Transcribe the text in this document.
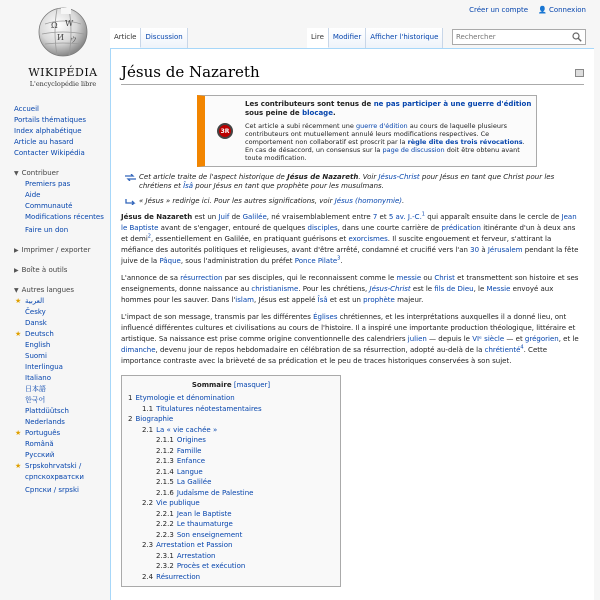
Créer un compte 👤 Connexion
Ω W
И ウ
WIKIPÉDIA
L'encyclopédie libre
Article	Discussion	Lire	Modifier	Afficher l'historique
Rechercher
Accueil
Portails thématiques
Index alphabétique
Article au hasard
Contacter Wikipédia
▼ Contribuer
Premiers pas
Aide
Communauté
Modifications récentes
Faire un don
▶ Imprimer / exporter
▶ Boîte à outils
▼ Autres langues
★ العربية
Česky
Dansk
★ Deutsch
English
Suomi
Interlingua
Italiano
日本語
한국어
Plattdüütsch
Nederlands
★ Português
Română
Русский
★ Srpskohrvatski / српскохрватски
Српски / srpski
Jésus de Nazareth
3R
Les contributeurs sont tenus de ne pas participer à une guerre d'édition sous peine de blocage.
Cet article a subi récemment une guerre d'édition au cours de laquelle plusieurs contributeurs ont mutuellement annulé leurs modifications respectives. Ce comportement non collaboratif est proscrit par la règle dite des trois révocations. En cas de désaccord, un consensus sur la page de discussion doit être obtenu avant toute modification.
Cet article traite de l'aspect historique de Jésus de Nazareth. Voir Jésus-Christ pour Jésus en tant que Christ pour les chrétiens et Îsâ pour Jésus en tant que prophète pour les musulmans.
« Jésus » redirige ici. Pour les autres significations, voir Jésus (homonymie).

Jésus de Nazareth est un Juif de Galilée, né vraisemblablement entre 7 et 5 av. J.-C.$^1$ qui apparaît ensuite dans le cercle de Jean le Baptiste avant de s'engager, entouré de quelques disciples, dans une courte carrière de prédication itinérante d'un à deux ans et demi$^2$, essentiellement en Galilée, en pratiquant guérisons et exorcismes. Il suscite engouement et ferveur, s'attirant la méfiance des autorités politiques et religieuses, avant d'être arrêté, condamné et crucifié vers l'an 30 à Jérusalem pendant la fête juive de la Pâque, sous l'administration du préfet Ponce Pilate$^3$.

L'annonce de sa résurrection par ses disciples, qui le reconnaissent comme le messie ou Christ et transmettent son histoire et ses enseignements, donne naissance au christianisme. Pour les chrétiens, Jésus-Christ est le fils de Dieu, le Messie envoyé aux hommes pour les sauver. Dans l'islam, Jésus est appelé Îsâ et est un prophète majeur.

L'impact de son message, transmis par les différentes Églises chrétiennes, et les interprétations auxquelles il a donné lieu, ont influencé différentes cultures et civilisations au cours de l'histoire. Il a inspiré une importante production théologique, littéraire et artistique. Sa naissance est prise comme origine conventionnelle des calendriers julien — depuis le VIᵉ siècle — et grégorien, et le dimanche, devenu jour de repos hebdomadaire en célébration de sa résurrection, adopté au-delà de la chrétienté$^4$. Cette importance contraste avec la brièveté de sa prédication et le peu de traces historiques conservées à son sujet.

Sommaire [masquer]
1 Etymologie et dénomination
1.1 Titulatures néotestamentaires
2 Biographie
2.1 La « vie cachée »
2.1.1 Origines
2.1.2 Famille
2.1.3 Enfance
2.1.4 Langue
2.1.5 La Galilée
2.1.6 Judaïsme de Palestine
2.2 Vie publique
2.2.1 Jean le Baptiste
2.2.2 Le thaumaturge
2.2.3 Son enseignement
2.3 Arrestation et Passion
2.3.1 Arrestation
2.3.2 Procès et exécution
2.4 Résurrection
